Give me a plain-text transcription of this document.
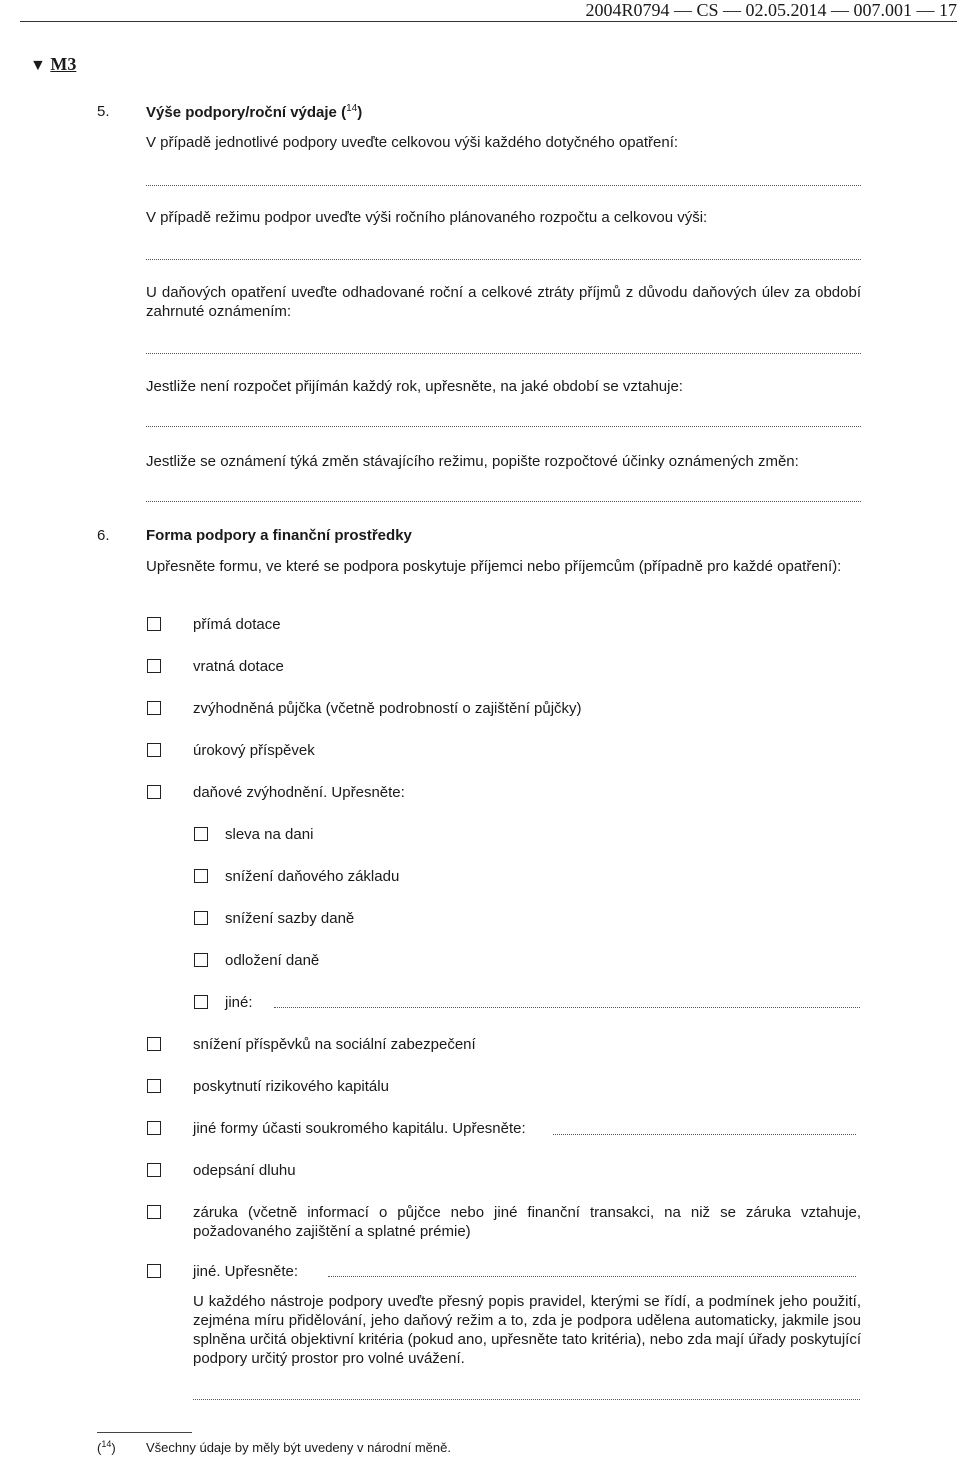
2004R0794 — CS — 02.05.2014 — 007.001 — 17
▼ M3
5. Výše podpory/roční výdaje ($^{14}$)
V případě jednotlivé podpory uveďte celkovou výši každého dotyčného opatření:
V případě režimu podpor uveďte výši ročního plánovaného rozpočtu a celkovou výši:
U daňových opatření uveďte odhadované roční a celkové ztráty příjmů z důvodu daňových úlev za období zahrnuté oznámením:
Jestliže není rozpočet přijímán každý rok, upřesněte, na jaké období se vztahuje:
Jestliže se oznámení týká změn stávajícího režimu, popište rozpočtové účinky oznámených změn:
6. Forma podpory a finanční prostředky
Upřesněte formu, ve které se podpora poskytuje příjemci nebo příjemcům (případně pro každé opatření):
přímá dotace
vratná dotace
zvýhodněná půjčka (včetně podrobností o zajištění půjčky)
úrokový příspěvek
daňové zvýhodnění. Upřesněte:
sleva na dani
snížení daňového základu
snížení sazby daně
odložení daně
jiné:
snížení příspěvků na sociální zabezpečení
poskytnutí rizikového kapitálu
jiné formy účasti soukromého kapitálu. Upřesněte:
odepsání dluhu
záruka (včetně informací o půjčce nebo jiné finanční transakci, na niž se záruka vztahuje, požadovaného zajištění a splatné prémie)
jiné. Upřesněte:
U každého nástroje podpory uveďte přesný popis pravidel, kterými se řídí, a podmínek jeho použití, zejména míru přidělování, jeho daňový režim a to, zda je podpora udělena automaticky, jakmile jsou splněna určitá objektivní kritéria (pokud ano, upřesněte tato kritéria), nebo zda mají úřady poskytující podpory určitý prostor pro volné uvážení.
($^{14}$) Všechny údaje by měly být uvedeny v národní měně.
